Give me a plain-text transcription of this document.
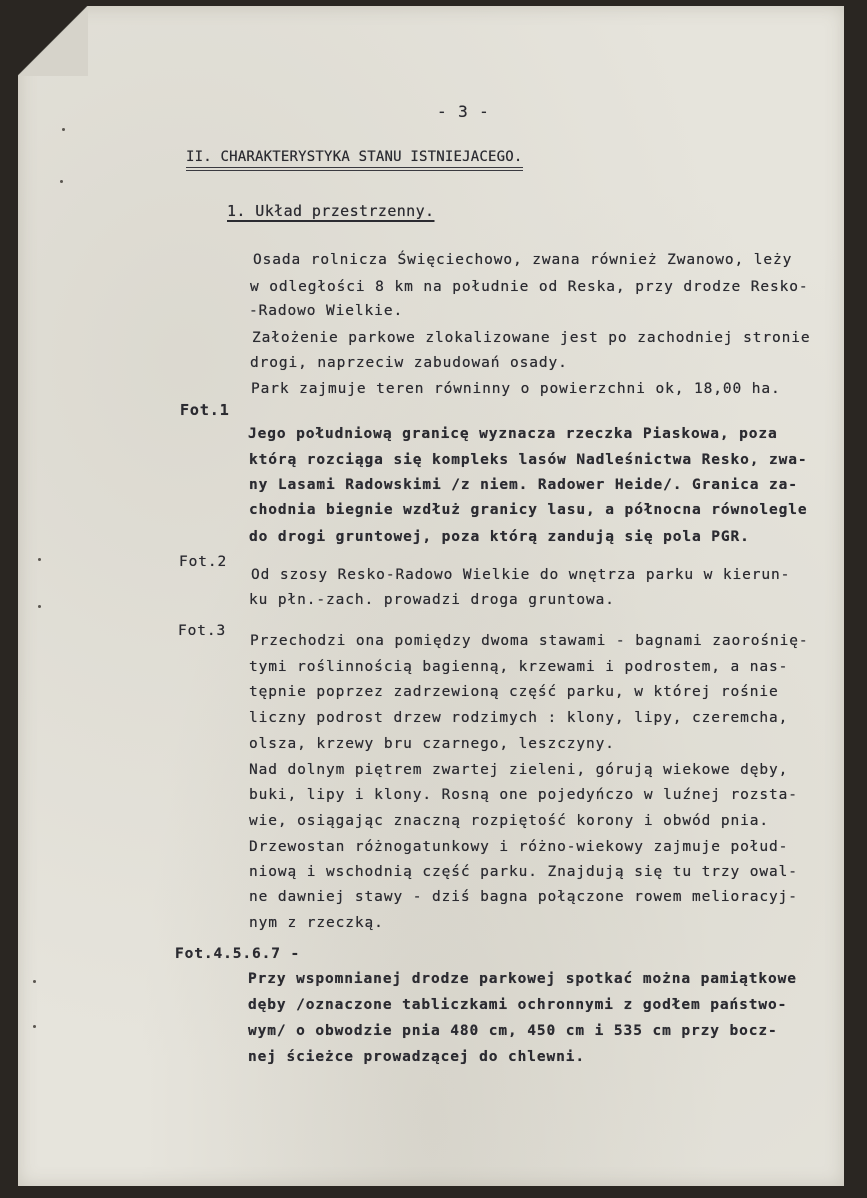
- 3 -
II. CHARAKTERYSTYKA STANU ISTNIEJACEGO.
1. Układ przestrzenny.
Osada rolnicza Święciechowo, zwana również Zwanowo, leży
w odległości 8 km na południe od Reska, przy drodze Resko-
-Radowo Wielkie.
Założenie parkowe zlokalizowane jest po zachodniej stronie
drogi, naprzeciw zabudowań osady.
Park zajmuje teren równinny o powierzchni ok, 18,00 ha.
Fot.1
Jego południową granicę wyznacza rzeczka Piaskowa, poza
którą rozciąga się kompleks lasów Nadleśnictwa Resko, zwa-
ny Lasami Radowskimi /z niem. Radower Heide/. Granica za-
chodnia biegnie wzdłuż granicy lasu, a północna równolegle
do drogi gruntowej, poza którą zandują się pola PGR.
Fot.2
Od szosy Resko-Radowo Wielkie do wnętrza parku w kierun-
ku płn.-zach. prowadzi droga gruntowa.
Fot.3
Przechodzi ona pomiędzy dwoma stawami - bagnami zaorośnię-
tymi roślinnością bagienną, krzewami i podrostem, a nas-
tępnie poprzez zadrzewioną część parku, w której rośnie
liczny podrost drzew rodzimych : klony, lipy, czeremcha,
olsza, krzewy bru czarnego, leszczyny.
Nad dolnym piętrem zwartej zieleni, górują wiekowe dęby,
buki, lipy i klony. Rosną one pojedyńczo w luźnej rozsta-
wie, osiągając znaczną rozpiętość korony i obwód pnia.
Drzewostan różnogatunkowy i różno-wiekowy zajmuje połud-
niową i wschodnią część parku. Znajdują się tu trzy owal-
ne dawniej stawy - dziś bagna połączone rowem melioracyj-
nym z rzeczką.
Fot.4.5.6.7 -
Przy wspomnianej drodze parkowej spotkać można pamiątkowe
dęby /oznaczone tabliczkami ochronnymi z godłem państwo-
wym/ o obwodzie pnia 480 cm, 450 cm i 535 cm przy bocz-
nej ścieżce prowadzącej do chlewni.
